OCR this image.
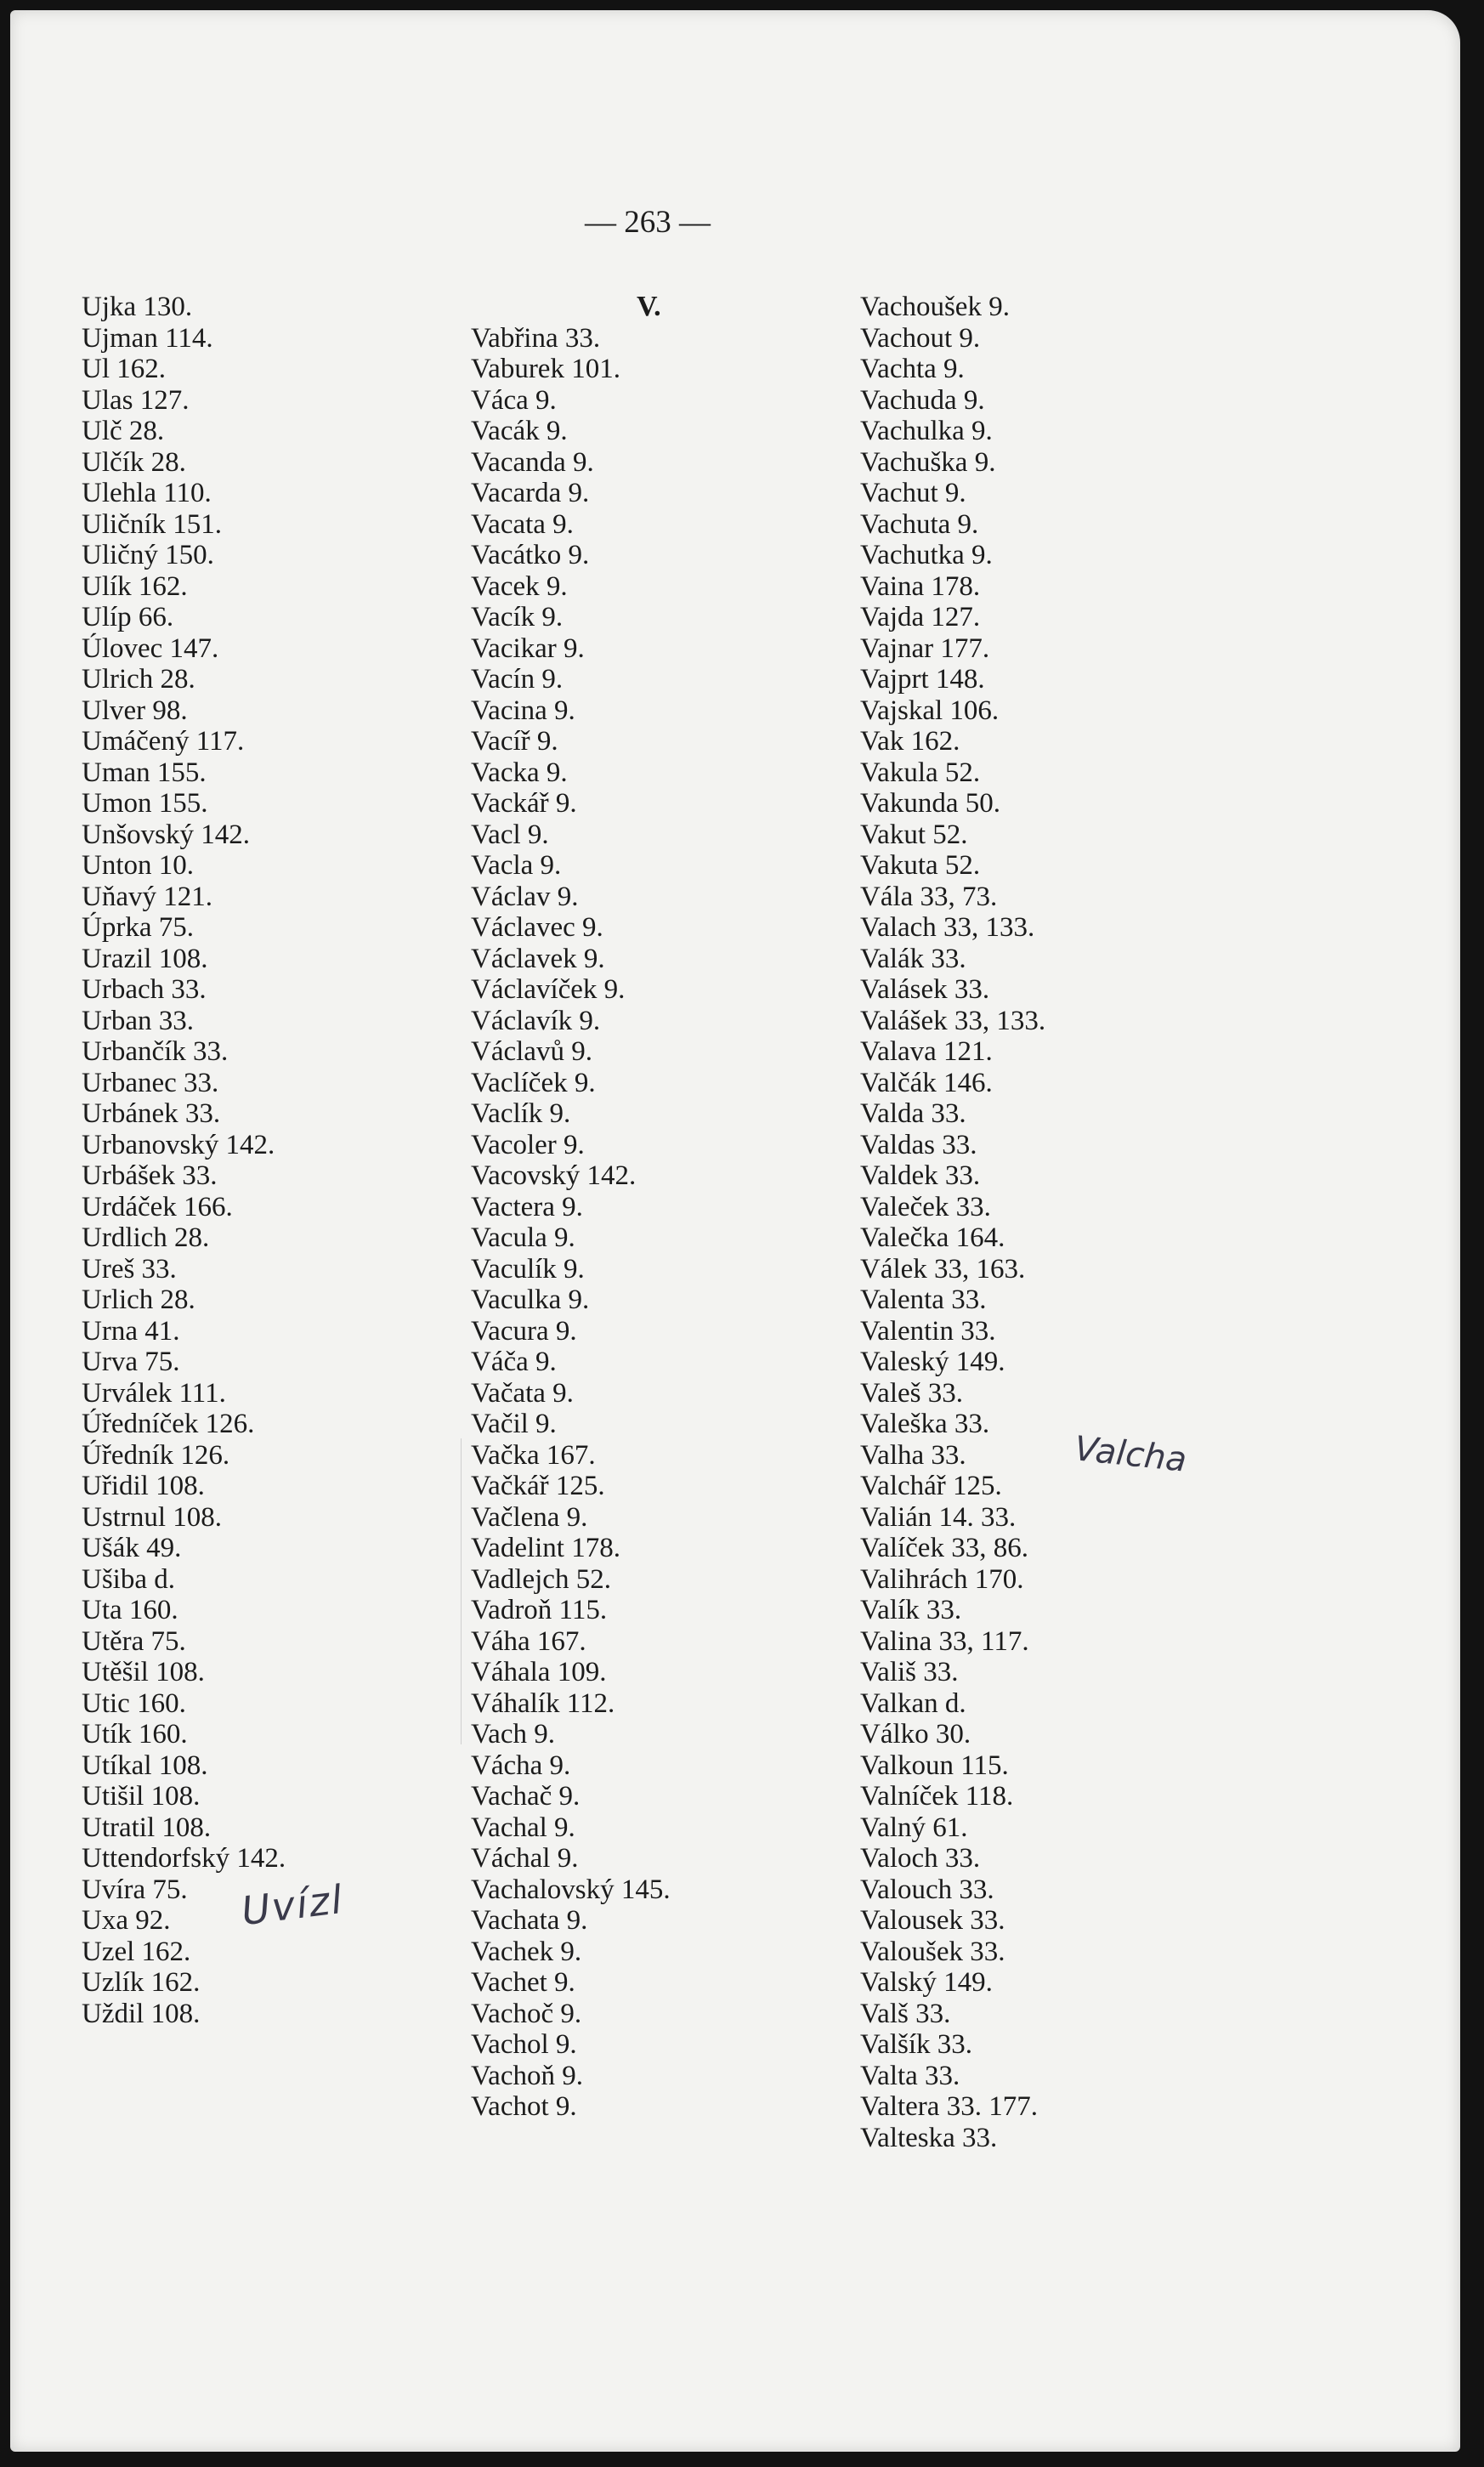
— 263 —
Ujka 130.
Ujman 114.
Ul 162.
Ulas 127.
Ulč 28.
Ulčík 28.
Ulehla 110.
Uličník 151.
Uličný 150.
Ulík 162.
Ulíp 66.
Úlovec 147.
Ulrich 28.
Ulver 98.
Umáčený 117.
Uman 155.
Umon 155.
Unšovský 142.
Unton 10.
Uňavý 121.
Úprka 75.
Urazil 108.
Urbach 33.
Urban 33.
Urbančík 33.
Urbanec 33.
Urbánek 33.
Urbanovský 142.
Urbášek 33.
Urdáček 166.
Urdlich 28.
Ureš 33.
Urlich 28.
Urna 41.
Urva 75.
Urválek 111.
Úředníček 126.
Úředník 126.
Uřidil 108.
Ustrnul 108.
Ušák 49.
Ušiba d.
Uta 160.
Utěra 75.
Utěšil 108.
Utic 160.
Utík 160.
Utíkal 108.
Utišil 108.
Utratil 108.
Uttendorfský 142.
Uvíra 75.
Uxa 92.
Uzel 162.
Uzlík 162.
Uždil 108.
V.
Vabřina 33.
Vaburek 101.
Váca 9.
Vacák 9.
Vacanda 9.
Vacarda 9.
Vacata 9.
Vacátko 9.
Vacek 9.
Vacík 9.
Vacikar 9.
Vacín 9.
Vacina 9.
Vacíř 9.
Vacka 9.
Vackář 9.
Vacl 9.
Vacla 9.
Václav 9.
Václavec 9.
Václavek 9.
Václavíček 9.
Václavík 9.
Václavů 9.
Vaclíček 9.
Vaclík 9.
Vacoler 9.
Vacovský 142.
Vactera 9.
Vacula 9.
Vaculík 9.
Vaculka 9.
Vacura 9.
Váča 9.
Vačata 9.
Vačil 9.
Vačka 167.
Vačkář 125.
Vačlena 9.
Vadelint 178.
Vadlejch 52.
Vadroň 115.
Váha 167.
Váhala 109.
Váhalík 112.
Vach 9.
Vácha 9.
Vachač 9.
Vachal 9.
Váchal 9.
Vachalovský 145.
Vachata 9.
Vachek 9.
Vachet 9.
Vachoč 9.
Vachol 9.
Vachoň 9.
Vachot 9.
Vachoušek 9.
Vachout 9.
Vachta 9.
Vachuda 9.
Vachulka 9.
Vachuška 9.
Vachut 9.
Vachuta 9.
Vachutka 9.
Vaina 178.
Vajda 127.
Vajnar 177.
Vajprt 148.
Vajskal 106.
Vak 162.
Vakula 52.
Vakunda 50.
Vakut 52.
Vakuta 52.
Vála 33, 73.
Valach 33, 133.
Valák 33.
Valásek 33.
Valášek 33, 133.
Valava 121.
Valčák 146.
Valda 33.
Valdas 33.
Valdek 33.
Valeček 33.
Valečka 164.
Válek 33, 163.
Valenta 33.
Valentin 33.
Valeský 149.
Valeš 33.
Valeška 33.
Valha 33.
Valchář 125.
Valián 14. 33.
Valíček 33, 86.
Valihrách 170.
Valík 33.
Valina 33, 117.
Vališ 33.
Valkan d.
Válko 30.
Valkoun 115.
Valníček 118.
Valný 61.
Valoch 33.
Valouch 33.
Valousek 33.
Valoušek 33.
Valský 149.
Valš 33.
Valšík 33.
Valta 33.
Valtera 33. 177.
Valteska 33.
Uvízl
Valcha
